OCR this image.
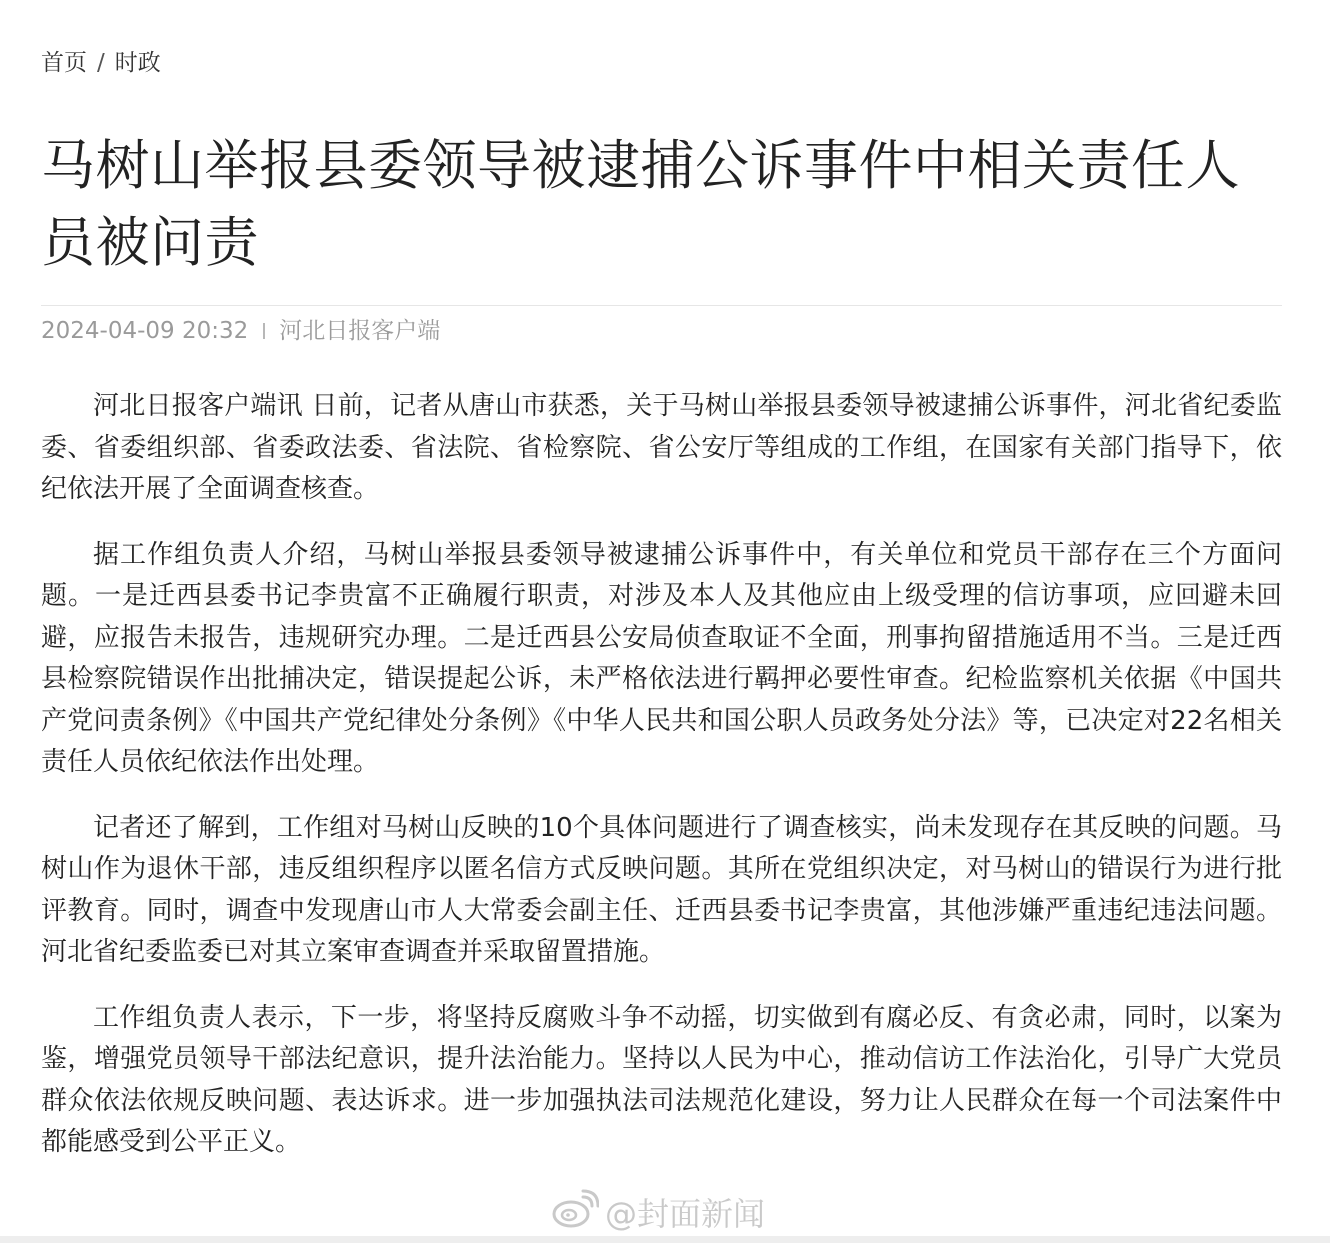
首页 / 时政
马树山举报县委领导被逮捕公诉事件中相关责任人员被问责
2024-04-09 20:32 河北日报客户端

河北日报客户端讯 日前，记者从唐山市获悉，关于马树山举报县委领导被逮捕公诉事件，河北省纪委监委、省委组织部、省委政法委、省法院、省检察院、省公安厅等组成的工作组，在国家有关部门指导下，依纪依法开展了全面调查核查。

据工作组负责人介绍，马树山举报县委领导被逮捕公诉事件中，有关单位和党员干部存在三个方面问题。一是迁西县委书记李贵富不正确履行职责，对涉及本人及其他应由上级受理的信访事项，应回避未回避，应报告未报告，违规研究办理。二是迁西县公安局侦查取证不全面，刑事拘留措施适用不当。三是迁西县检察院错误作出批捕决定，错误提起公诉，未严格依法进行羁押必要性审查。纪检监察机关依据《中国共产党问责条例》《中国共产党纪律处分条例》《中华人民共和国公职人员政务处分法》等，已决定对22名相关责任人员依纪依法作出处理。

记者还了解到，工作组对马树山反映的10个具体问题进行了调查核实，尚未发现存在其反映的问题。马树山作为退休干部，违反组织程序以匿名信方式反映问题。其所在党组织决定，对马树山的错误行为进行批评教育。同时，调查中发现唐山市人大常委会副主任、迁西县委书记李贵富，其他涉嫌严重违纪违法问题。河北省纪委监委已对其立案审查调查并采取留置措施。

工作组负责人表示，下一步，将坚持反腐败斗争不动摇，切实做到有腐必反、有贪必肃，同时，以案为鉴，增强党员领导干部法纪意识，提升法治能力。坚持以人民为中心，推动信访工作法治化，引导广大党员群众依法依规反映问题、表达诉求。进一步加强执法司法规范化建设，努力让人民群众在每一个司法案件中都能感受到公平正义。

@封面新闻
